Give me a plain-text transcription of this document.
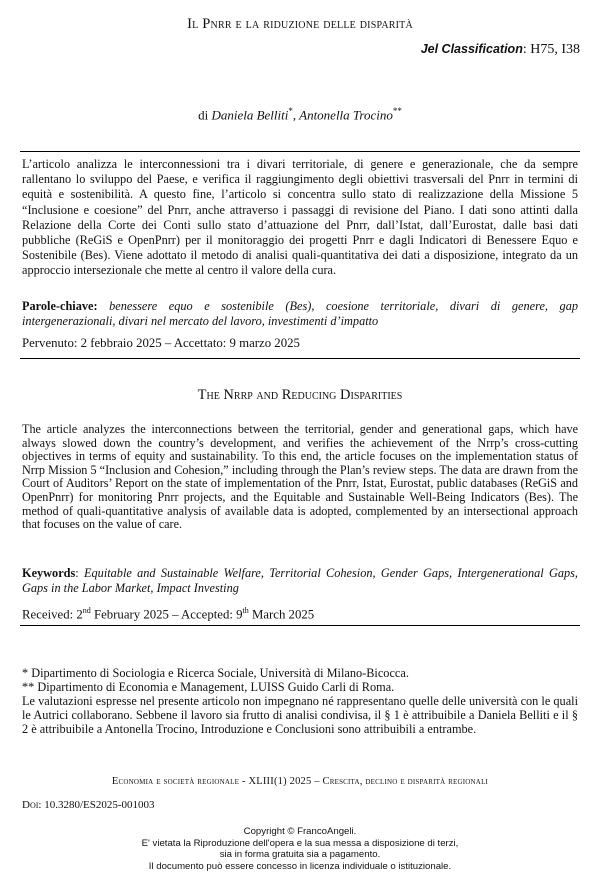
Il Pnrr e la riduzione delle disparità
Jel Classification: H75, I38
di Daniela Belliti*, Antonella Trocino**
L’articolo analizza le interconnessioni tra i divari territoriale, di genere e generazionale, che da sempre rallentano lo sviluppo del Paese, e verifica il raggiungimento degli obiettivi trasversali del Pnrr in termini di equità e sostenibilità. A questo fine, l’articolo si concentra sullo stato di realizzazione della Missione 5 “Inclusione e coesione” del Pnrr, anche attraverso i passaggi di revisione del Piano. I dati sono attinti dalla Relazione della Corte dei Conti sullo stato d’attuazione del Pnrr, dall’Istat, dall’Eurostat, dalle basi dati pubbliche (ReGiS e OpenPnrr) per il monitoraggio dei progetti Pnrr e dagli Indicatori di Benessere Equo e Sostenibile (Bes). Viene adottato il metodo di analisi quali-quantitativa dei dati a disposizione, integrato da un approccio intersezionale che mette al centro il valore della cura.
Parole-chiave: benessere equo e sostenibile (Bes), coesione territoriale, divari di genere, gap intergenerazionali, divari nel mercato del lavoro, investimenti d’impatto
Pervenuto: 2 febbraio 2025 – Accettato: 9 marzo 2025
The Nrrp and Reducing Disparities
The article analyzes the interconnections between the territorial, gender and generational gaps, which have always slowed down the country’s development, and verifies the achievement of the Nrrp’s cross-cutting objectives in terms of equity and sustainability. To this end, the article focuses on the implementation status of Nrrp Mission 5 “Inclusion and Cohesion,” including through the Plan’s review steps. The data are drawn from the Court of Auditors’ Report on the state of implementation of the Pnrr, Istat, Eurostat, public databases (ReGiS and OpenPnrr) for monitoring Pnrr projects, and the Equitable and Sustainable Well-Being Indicators (Bes). The method of quali-quantitative analysis of available data is adopted, complemented by an intersectional approach that focuses on the value of care.
Keywords: Equitable and Sustainable Welfare, Territorial Cohesion, Gender Gaps, Intergenerational Gaps, Gaps in the Labor Market, Impact Investing
Received: 2nd February 2025 – Accepted: 9th March 2025
* Dipartimento di Sociologia e Ricerca Sociale, Università di Milano-Bicocca.
** Dipartimento di Economia e Management, LUISS Guido Carli di Roma.
Le valutazioni espresse nel presente articolo non impegnano né rappresentano quelle delle università con le quali le Autrici collaborano. Sebbene il lavoro sia frutto di analisi condivisa, il § 1 è attribuibile a Daniela Belliti e il § 2 è attribuibile a Antonella Trocino, Introduzione e Conclusioni sono attribuibili a entrambe.
Economia e società regionale - XLIII(1) 2025 – Crescita, declino e disparità regionali
Doi: 10.3280/ES2025-001003
Copyright © FrancoAngeli.
E' vietata la Riproduzione dell'opera e la sua messa a disposizione di terzi,
sia in forma gratuita sia a pagamento.
Il documento può essere concesso in licenza individuale o istituzionale.
